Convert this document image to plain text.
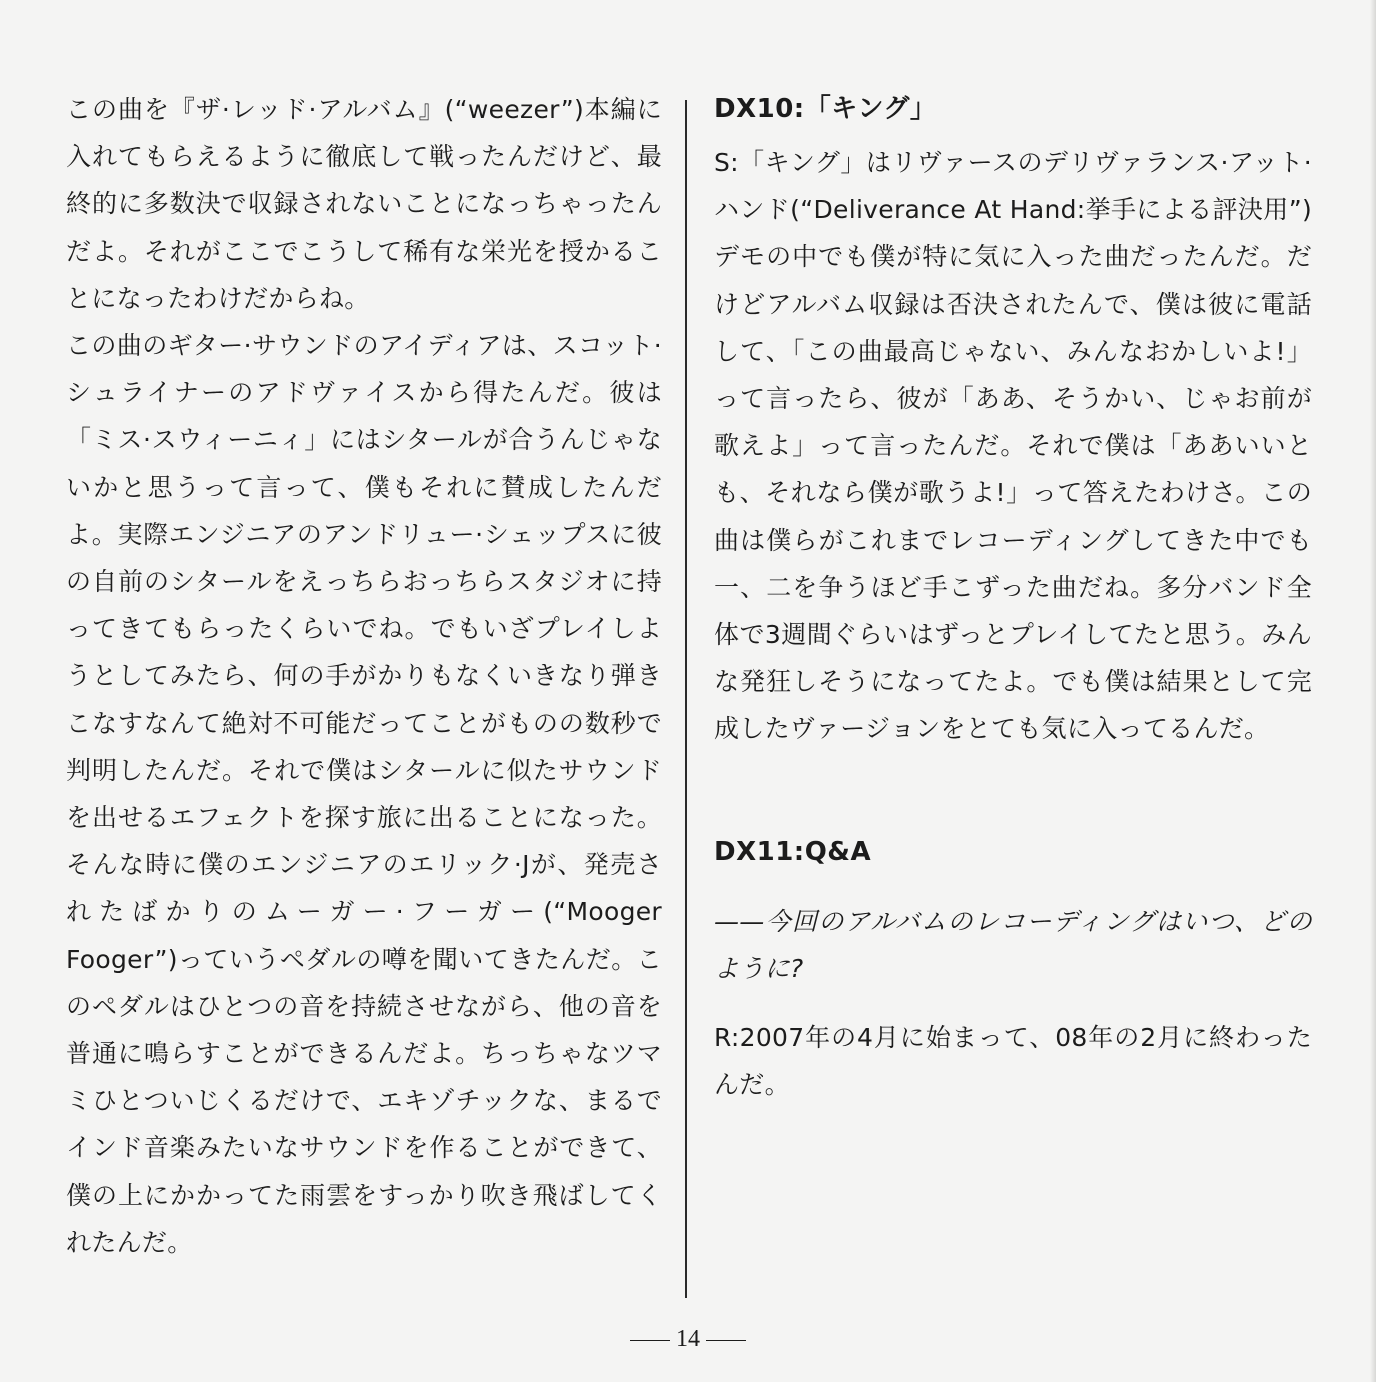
この曲を『ザ·レッド·アルバム』(“weezer”)本編に入れてもらえるように徹底して戦ったんだけど、最終的に多数決で収録されないことになっちゃったんだよ。それがここでこうして稀有な栄光を授かることになったわけだからね。

この曲のギター·サウンドのアイディアは、スコット·シュライナーのアドヴァイスから得たんだ。彼は「ミス·スウィーニィ」にはシタールが合うんじゃないかと思うって言って、僕もそれに賛成したんだよ。実際エンジニアのアンドリュー·シェップスに彼の自前のシタールをえっちらおっちらスタジオに持ってきてもらったくらいでね。でもいざプレイしようとしてみたら、何の手がかりもなくいきなり弾きこなすなんて絶対不可能だってことがものの数秒で判明したんだ。それで僕はシタールに似たサウンドを出せるエフェクトを探す旅に出ることになった。そんな時に僕のエンジニアのエリック·Jが、発売されたばかりのムーガー·フーガー(“Mooger Fooger”)っていうペダルの噂を聞いてきたんだ。このペダルはひとつの音を持続させながら、他の音を普通に鳴らすことができるんだよ。ちっちゃなツマミひとついじくるだけで、エキゾチックな、まるでインド音楽みたいなサウンドを作ることができて、僕の上にかかってた雨雲をすっかり吹き飛ばしてくれたんだ。

DX10:「キング」

S:「キング」はリヴァースのデリヴァランス·アット·ハンド(“Deliverance At Hand:挙手による評決用”)デモの中でも僕が特に気に入った曲だったんだ。だけどアルバム収録は否決されたんで、僕は彼に電話して、「この曲最高じゃない、みんなおかしいよ!」って言ったら、彼が「ああ、そうかい、じゃお前が歌えよ」って言ったんだ。それで僕は「ああいいとも、それなら僕が歌うよ!」って答えたわけさ。この曲は僕らがこれまでレコーディングしてきた中でも一、二を争うほど手こずった曲だね。多分バンド全体で3週間ぐらいはずっとプレイしてたと思う。みんな発狂しそうになってたよ。でも僕は結果として完成したヴァージョンをとても気に入ってるんだ。

DX11:Q&A

——今回のアルバムのレコーディングはいつ、どのように?

R:2007年の4月に始まって、08年の2月に終わったんだ。

14
